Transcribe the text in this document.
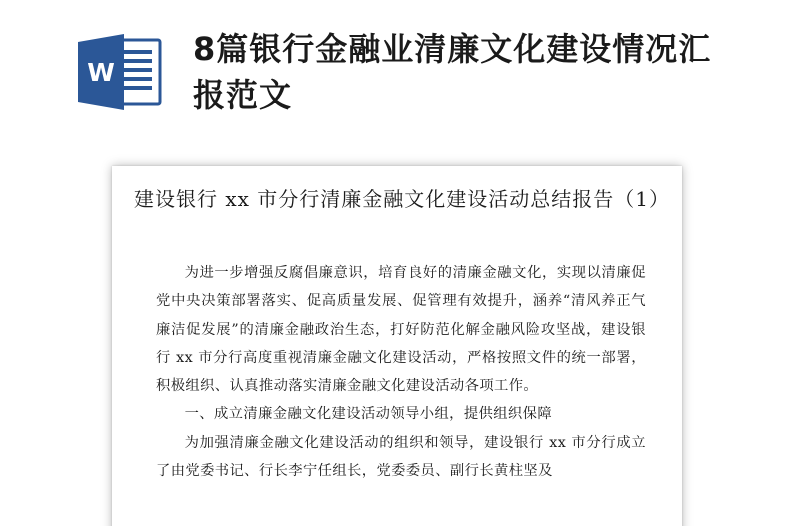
W
8篇银行金融业清廉文化建设情况汇报范文
建设银行 xx 市分行清廉金融文化建设活动总结报告（1）

为进一步增强反腐倡廉意识，培育良好的清廉金融文化，实现以清廉促党中央决策部署落实、促高质量发展、促管理有效提升，涵养“清风养正气 廉洁促发展”的清廉金融政治生态，打好防范化解金融风险攻坚战，建设银行 xx 市分行高度重视清廉金融文化建设活动，严格按照文件的统一部署，积极组织、认真推动落实清廉金融文化建设活动各项工作。

一、成立清廉金融文化建设活动领导小组，提供组织保障

为加强清廉金融文化建设活动的组织和领导，建设银行 xx 市分行成立了由党委书记、行长李宁任组长，党委委员、副行长黄柱坚及
